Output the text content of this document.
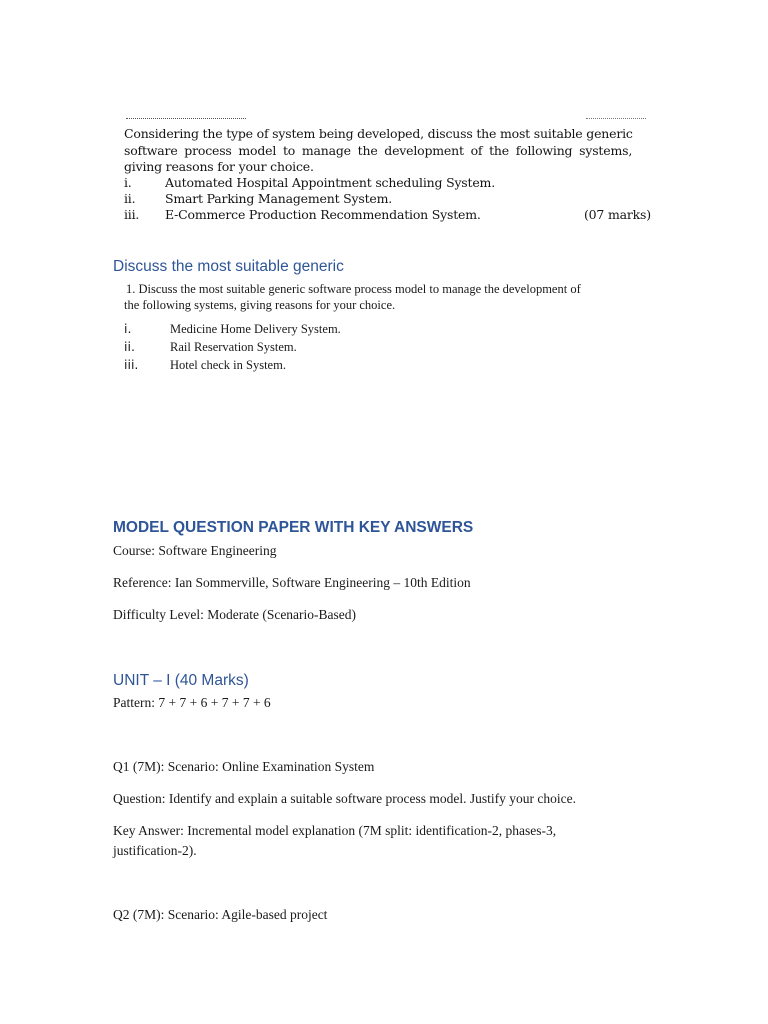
Considering the type of system being developed, discuss the most suitable generic
software process model to manage the development of the following systems,
giving reasons for your choice.
i.	Automated Hospital Appointment scheduling System.
ii. Smart Parking Management System.
iii. E-Commerce Production Recommendation System.	(07 marks)
Discuss the most suitable generic
1. Discuss the most suitable generic software process model to manage the development of
the following systems, giving reasons for your choice.
i.	Medicine Home Delivery System.
ii.	Rail Reservation System.
iii.	Hotel check in System.
MODEL QUESTION PAPER WITH KEY ANSWERS
Course: Software Engineering
Reference: Ian Sommerville, Software Engineering – 10th Edition
Difficulty Level: Moderate (Scenario-Based)
UNIT – I (40 Marks)
Pattern: 7 + 7 + 6 + 7 + 7 + 6
Q1 (7M): Scenario: Online Examination System
Question: Identify and explain a suitable software process model. Justify your choice.
Key Answer: Incremental model explanation (7M split: identification-2, phases-3,
justification-2).
Q2 (7M): Scenario: Agile-based project
